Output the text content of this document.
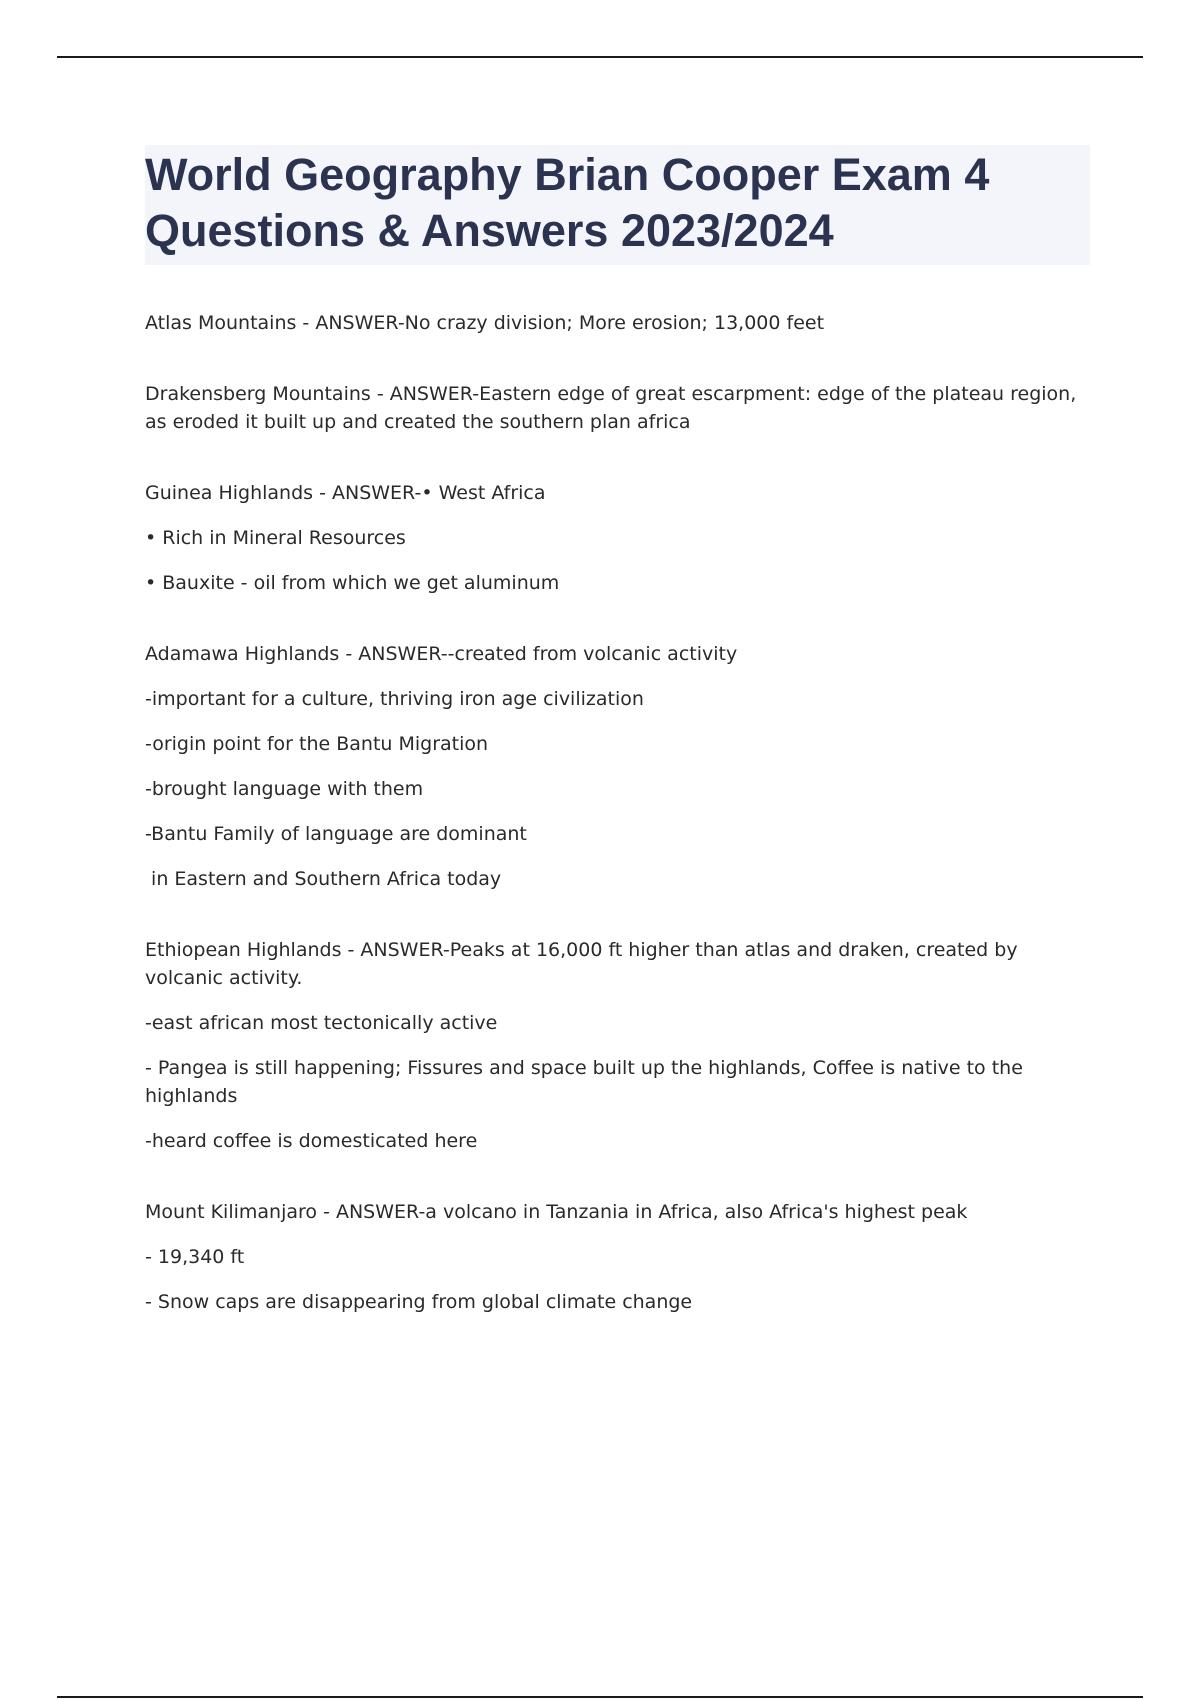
World Geography Brian Cooper Exam 4 Questions & Answers 2023/2024

Atlas Mountains - ANSWER-No crazy division; More erosion; 13,000 feet

Drakensberg Mountains - ANSWER-Eastern edge of great escarpment: edge of the plateau region, as eroded it built up and created the southern plan africa

Guinea Highlands - ANSWER-• West Africa

• Rich in Mineral Resources

• Bauxite - oil from which we get aluminum

Adamawa Highlands - ANSWER--created from volcanic activity

-important for a culture, thriving iron age civilization

-origin point for the Bantu Migration

-brought language with them

-Bantu Family of language are dominant

in Eastern and Southern Africa today

Ethiopean Highlands - ANSWER-Peaks at 16,000 ft higher than atlas and draken, created by volcanic activity.

-east african most tectonically active

- Pangea is still happening; Fissures and space built up the highlands, Coffee is native to the highlands

-heard coffee is domesticated here

Mount Kilimanjaro - ANSWER-a volcano in Tanzania in Africa, also Africa's highest peak

- 19,340 ft

- Snow caps are disappearing from global climate change
